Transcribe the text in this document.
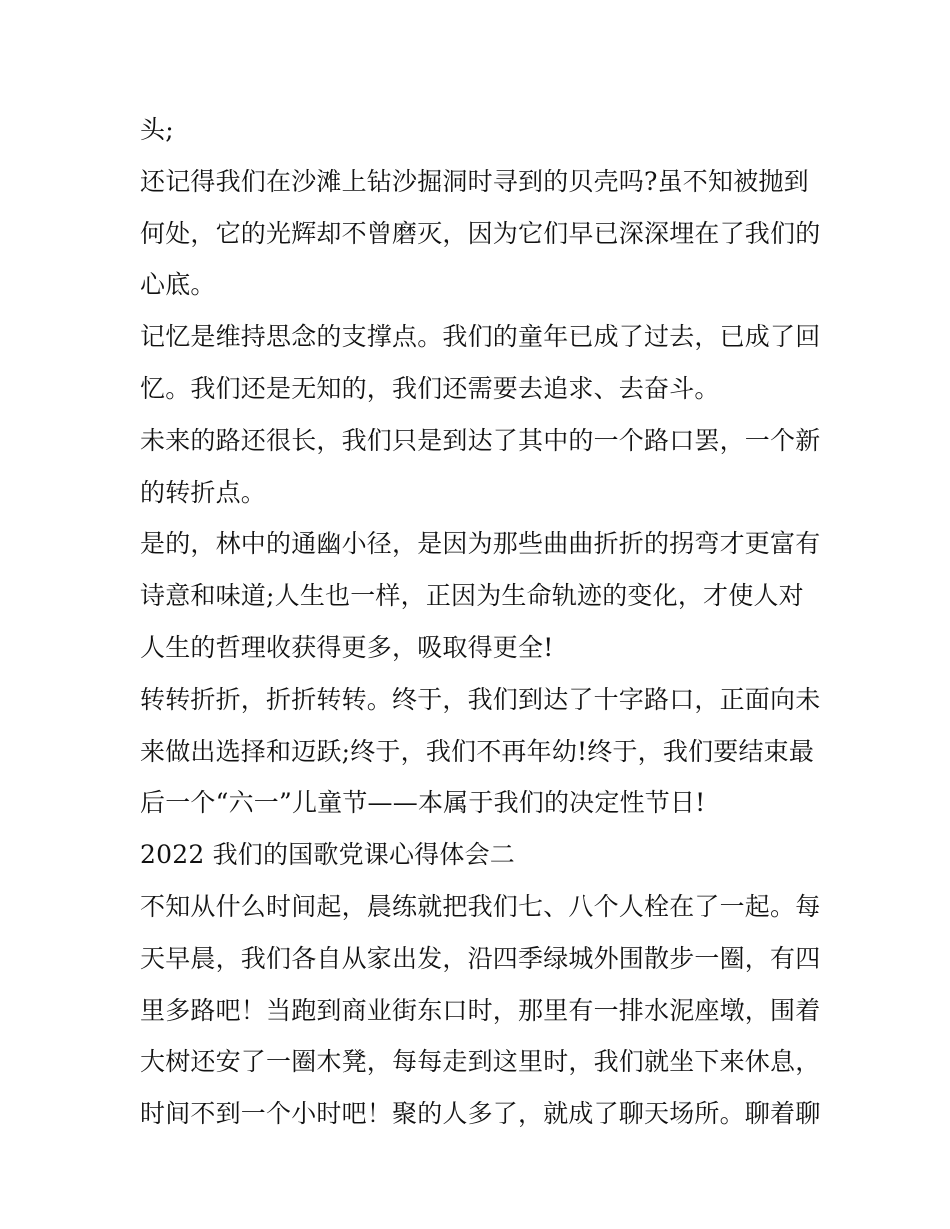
头;
还记得我们在沙滩上钻沙掘洞时寻到的贝壳吗?虽不知被抛到
何处，它的光辉却不曾磨灭，因为它们早已深深埋在了我们的
心底。
记忆是维持思念的支撑点。我们的童年已成了过去，已成了回
忆。我们还是无知的，我们还需要去追求、去奋斗。
未来的路还很长，我们只是到达了其中的一个路口罢，一个新
的转折点。
是的，林中的通幽小径，是因为那些曲曲折折的拐弯才更富有
诗意和味道;人生也一样，正因为生命轨迹的变化，才使人对
人生的哲理收获得更多，吸取得更全!
转转折折，折折转转。终于，我们到达了十字路口，正面向未
来做出选择和迈跃;终于，我们不再年幼!终于，我们要结束最
后一个“六一”儿童节——本属于我们的决定性节日!
2022 我们的国歌党课心得体会二
不知从什么时间起，晨练就把我们七、八个人栓在了一起。每
天早晨，我们各自从家出发，沿四季绿城外围散步一圈，有四
里多路吧！当跑到商业街东口时，那里有一排水泥座墩，围着
大树还安了一圈木凳，每每走到这里时，我们就坐下来休息，
时间不到一个小时吧！聚的人多了，就成了聊天场所。聊着聊
